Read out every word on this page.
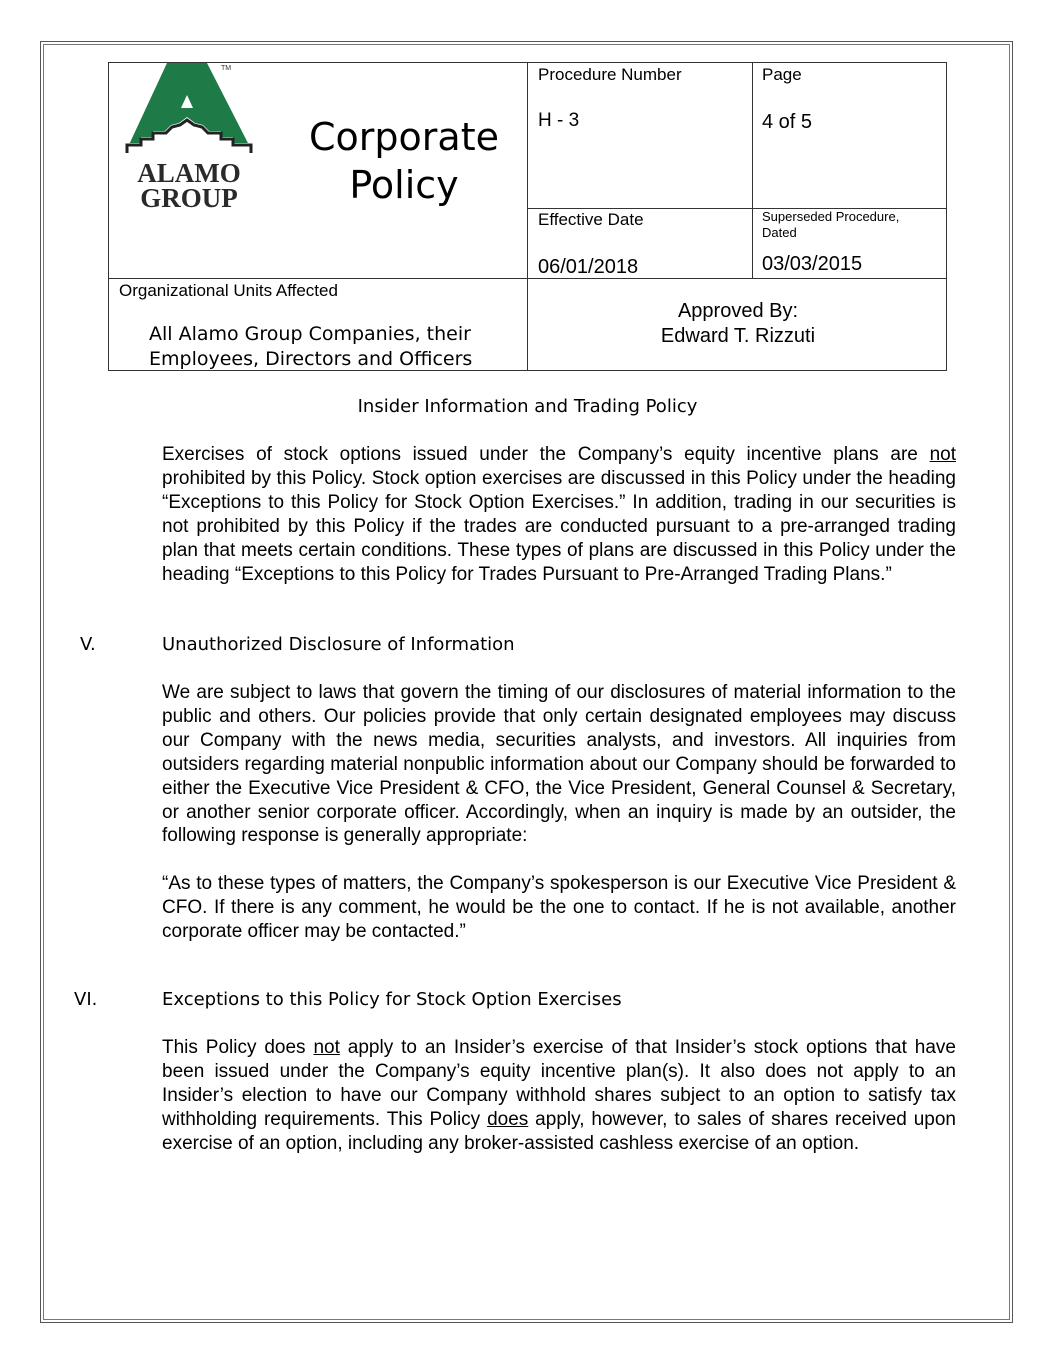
ALAMO
GROUP
TM
Corporate
Policy
Procedure Number
H - 3
Page
4 of 5
Effective Date
06/01/2018
Superseded Procedure, Dated
03/03/2015
Organizational Units Affected
All Alamo Group Companies, their Employees, Directors and Officers
Approved By:
Edward T. Rizzuti
Insider Information and Trading Policy
Exercises of stock options issued under the Company’s equity incentive plans are not prohibited by this Policy. Stock option exercises are discussed in this Policy under the heading “Exceptions to this Policy for Stock Option Exercises.” In addition, trading in our securities is not prohibited by this Policy if the trades are conducted pursuant to a pre-arranged trading plan that meets certain conditions. These types of plans are discussed in this Policy under the heading “Exceptions to this Policy for Trades Pursuant to Pre-Arranged Trading Plans.”
V.	Unauthorized Disclosure of Information
We are subject to laws that govern the timing of our disclosures of material information to the public and others. Our policies provide that only certain designated employees may discuss our Company with the news media, securities analysts, and investors. All inquiries from outsiders regarding material nonpublic information about our Company should be forwarded to either the Executive Vice President & CFO, the Vice President, General Counsel & Secretary, or another senior corporate officer. Accordingly, when an inquiry is made by an outsider, the following response is generally appropriate:
“As to these types of matters, the Company’s spokesperson is our Executive Vice President & CFO. If there is any comment, he would be the one to contact. If he is not available, another corporate officer may be contacted.”
VI.	Exceptions to this Policy for Stock Option Exercises
This Policy does not apply to an Insider’s exercise of that Insider’s stock options that have been issued under the Company’s equity incentive plan(s). It also does not apply to an Insider’s election to have our Company withhold shares subject to an option to satisfy tax withholding requirements. This Policy does apply, however, to sales of shares received upon exercise of an option, including any broker-assisted cashless exercise of an option.
